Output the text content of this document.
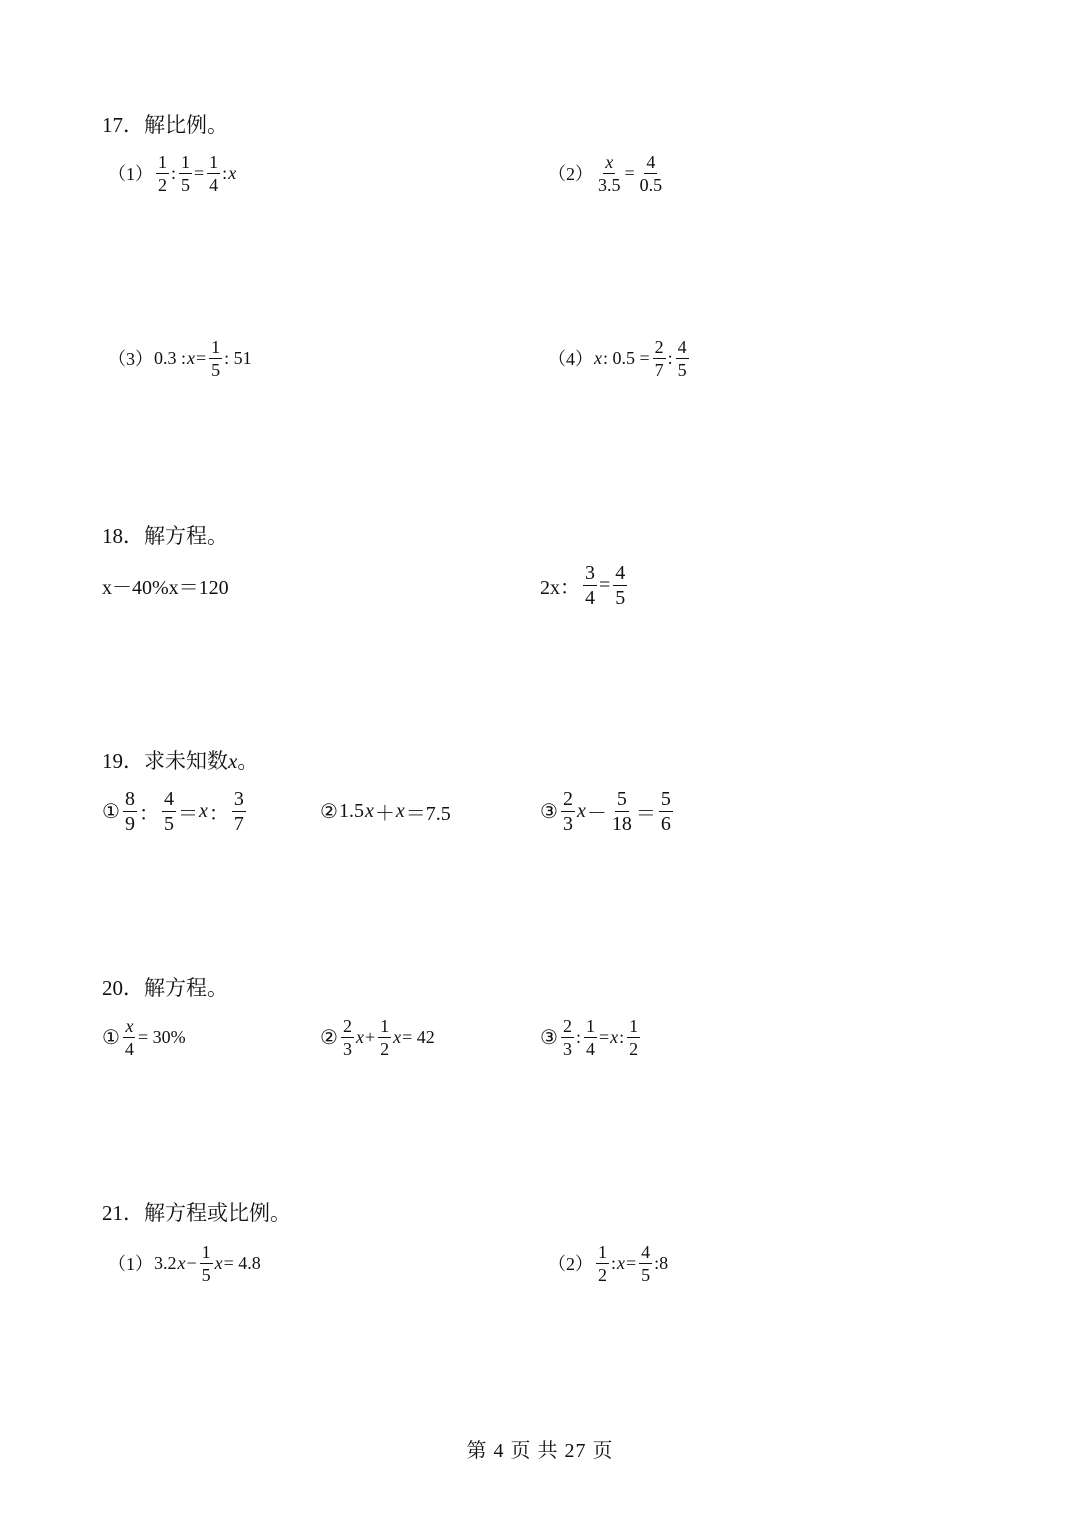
17．解比例。
$(1) \frac{1}{2}$ : $\frac{1}{5} = \frac{1}{4}$ : x	$(2) \frac{x}{3.5} = \frac{4}{0.5}$
（3） 0.3 : $x = \frac{1}{5}$ : 51	（4） x : $0.5 = \frac{2}{7}$ : $\frac{4}{5}$
18．解方程。
x－40%x＝120	2x： $\frac{3}{4} = \frac{4}{5}$
19．求未知数x。
① $\frac{8}{9}$ ： $\frac{4}{5} = x$ ： $\frac{3}{7}$	② 1.5 x ＋ x ＝7.5	③ $\frac{2}{3}$ $x - \frac{5}{18} = \frac{5}{6}$
20．解方程。
① $\frac{x}{4} = 30\%$	② $\frac{2}{3}$ $x + \frac{1}{2}$ x = 42	③ $\frac{2}{3}$ : $\frac{1}{4} = x$ : $\frac{1}{2}$
21．解方程或比例。
（1） 3.2 $x - \frac{1}{5}$ x = 4.8	$(2) \frac{1}{2}$ : $x = \frac{4}{5}$ :8
第 4 页 共 27 页
